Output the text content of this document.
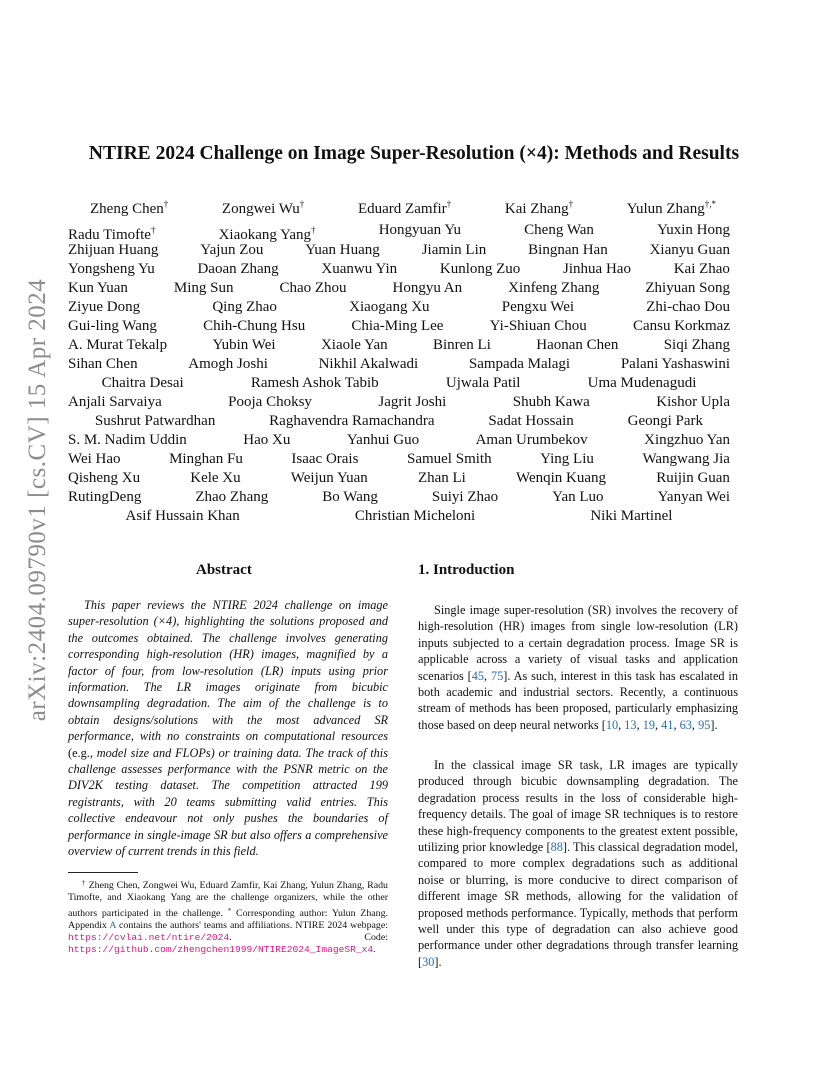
arXiv:2404.09790v1 [cs.CV] 15 Apr 2024
NTIRE 2024 Challenge on Image Super-Resolution (×4): Methods and Results
Zheng Chen†	Zongwei Wu†	Eduard Zamfir†	Kai Zhang†	Yulun Zhang†,*
Radu Timofte†	Xiaokang Yang†	Hongyuan Yu	Cheng Wan	Yuxin Hong
Zhijuan Huang	Yajun Zou	Yuan Huang	Jiamin Lin	Bingnan Han	Xianyu Guan
Yongsheng Yu	Daoan Zhang	Xuanwu Yin	Kunlong Zuo	Jinhua Hao	Kai Zhao
Kun Yuan	Ming Sun	Chao Zhou	Hongyu An	Xinfeng Zhang	Zhiyuan Song
Ziyue Dong	Qing Zhao	Xiaogang Xu	Pengxu Wei	Zhi-chao Dou
Gui-ling Wang	Chih-Chung Hsu	Chia-Ming Lee	Yi-Shiuan Chou	Cansu Korkmaz
A. Murat Tekalp	Yubin Wei	Xiaole Yan	Binren Li	Haonan Chen	Siqi Zhang
Sihan Chen	Amogh Joshi	Nikhil Akalwadi	Sampada Malagi	Palani Yashaswini
Chaitra Desai	Ramesh Ashok Tabib	Ujwala Patil	Uma Mudenagudi
Anjali Sarvaiya	Pooja Choksy	Jagrit Joshi	Shubh Kawa	Kishor Upla
Sushrut Patwardhan	Raghavendra Ramachandra	Sadat Hossain	Geongi Park
S. M. Nadim Uddin	Hao Xu	Yanhui Guo	Aman Urumbekov	Xingzhuo Yan
Wei Hao	Minghan Fu	Isaac Orais	Samuel Smith	Ying Liu	Wangwang Jia
Qisheng Xu	Kele Xu	Weijun Yuan	Zhan Li	Wenqin Kuang	Ruijin Guan
RutingDeng	Zhao Zhang	Bo Wang	Suiyi Zhao	Yan Luo	Yanyan Wei
Asif Hussain Khan	Christian Micheloni	Niki Martinel
Abstract

This paper reviews the NTIRE 2024 challenge on image super-resolution (×4), highlighting the solutions proposed and the outcomes obtained. The challenge involves generating corresponding high-resolution (HR) images, magnified by a factor of four, from low-resolution (LR) inputs using prior information. The LR images originate from bicubic downsampling degradation. The aim of the challenge is to obtain designs/solutions with the most advanced SR performance, with no constraints on computational resources (e.g., model size and FLOPs) or training data. The track of this challenge assesses performance with the PSNR metric on the DIV2K testing dataset. The competition attracted 199 registrants, with 20 teams submitting valid entries. This collective endeavour not only pushes the boundaries of performance in single-image SR but also offers a comprehensive overview of current trends in this field.

† Zheng Chen, Zongwei Wu, Eduard Zamfir, Kai Zhang, Yulun Zhang, Radu Timofte, and Xiaokang Yang are the challenge organizers, while the other authors participated in the challenge. * Corresponding author: Yulun Zhang. Appendix A contains the authors' teams and affiliations. NTIRE 2024 webpage: https://cvlai.net/ntire/2024. Code: https://github.com/zhengchen1999/NTIRE2024_ImageSR_x4.

1. Introduction

Single image super-resolution (SR) involves the recovery of high-resolution (HR) images from single low-resolution (LR) inputs subjected to a certain degradation process. Image SR is applicable across a variety of visual tasks and application scenarios [45, 75]. As such, interest in this task has escalated in both academic and industrial sectors. Recently, a continuous stream of methods has been proposed, particularly emphasizing those based on deep neural networks [10, 13, 19, 41, 63, 95].

In the classical image SR task, LR images are typically produced through bicubic downsampling degradation. The degradation process results in the loss of considerable high-frequency details. The goal of image SR techniques is to restore these high-frequency components to the greatest extent possible, utilizing prior knowledge [88]. This classical degradation model, compared to more complex degradations such as additional noise or blurring, is more conducive to direct comparison of different image SR methods, allowing for the validation of proposed methods performance. Typically, methods that perform well under this type of degradation can also achieve good performance under other degradations through transfer learning [30].
